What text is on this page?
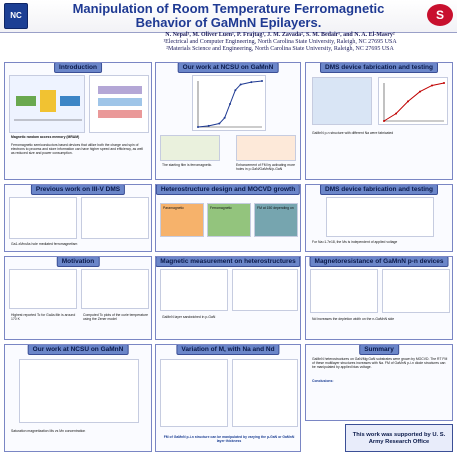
NC	Manipulation of Room Temperature Ferromagnetic
Behavior of GaMnN Epilayers.	S
N. Nepal¹, M. Oliver Luen¹, P. Frajtag¹, J. M. Zavada², S. M. Bedair¹, and N. A. El-Masry²
¹Electrical and Computer Engineering, North Carolina State University, Raleigh, NC 27695 USA
²Materials Science and Engineering, North Carolina State University, Raleigh, NC 27695 USA
Introduction
Magnetic random access memory (MRAM)
Ferromagnetic semiconductors based devices that utilize both the charge and spin of electrons to process and store information can have higher speed and efficiency, as well as reduced size and power consumption.
Our work at NCSU on GaMnN
The starting film is ferromagnetic.	Enhancement of FM by activating more holes in p-GaN/GaMnN/p-GaN
DMS device fabrication and testing
GaMnN p-n structure with different Na were fabricated
Previous work on III-V DMS
Ga1-xMnxAs hole mediated ferromagnetism
Heterostructure design and MOCVD growth
Paramagnetic	Ferromagnetic	FM at 150 depending on
DMS device fabrication and testing
For Na=1.7e18, the Ms is independent of applied voltage
Motivation
Highest reported Tc for GaAs:Mn is around 170 K
Computed Tc plots of the curie temperature using the Zener model
Magnetic measurement on heterostructures
GaMnN layer sandwiched in p-GaN
Magnetoresistance of GaMnN p-n devices
Nd increases the depletion width on the n-GaMnN side
Our work at NCSU on GaMnN
Saturation magnetization Ms vs Mn concentration
Variation of M, with Na and Nd
FM of GaMnN p-i-n structure can be manipulated by varying the p-GaN or GaMnN layer thickness
Summary
GaMnN heterostructures on GaN/Mg:GaN substrates were grown by MOCVD. The RT FM of these multilayer structures increases with Na. FM of GaMnN p-i-n diode structures can be manipulated by applied bias voltage.
Conclusions:
This work was supported by U. S. Army Research Office
